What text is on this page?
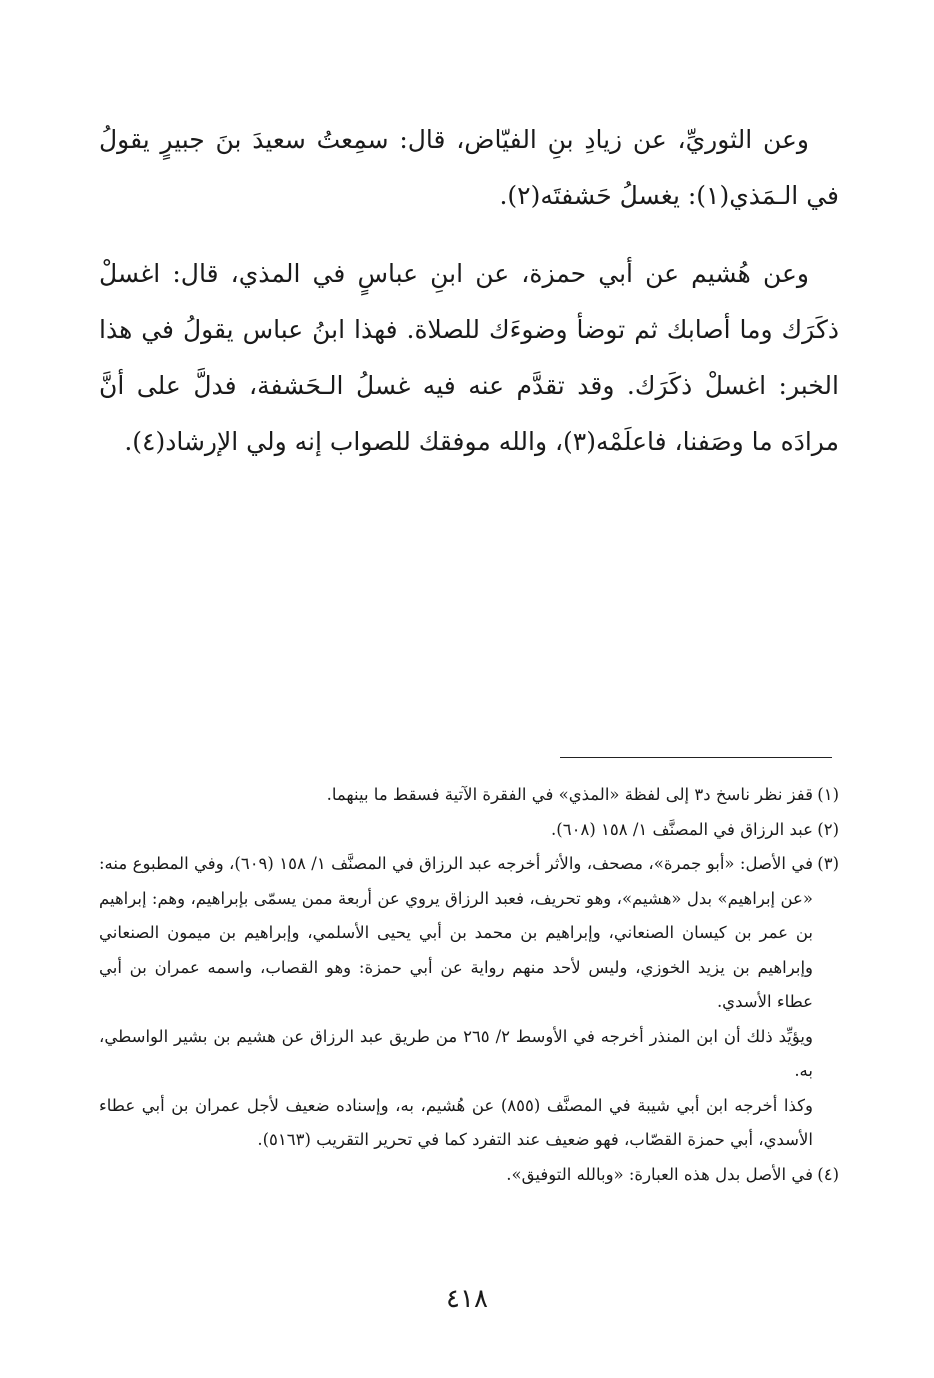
وعن الثوريِّ، عن زيادِ بنِ الفيّاض، قال: سمِعتُ سعيدَ بنَ جبيرٍ يقولُ في الـمَذي(١): يغسلُ حَشفتَه(٢).

وعن هُشيم عن أبي حمزة، عن ابنِ عباسٍ في المذي، قال: اغسلْ ذكَرَك وما أصابك ثم توضأ وضوءَك للصلاة. فهذا ابنُ عباس يقولُ في هذا الخبر: اغسلْ ذكَرَك. وقد تقدَّم عنه فيه غسلُ الـحَشفة، فدلَّ على أنَّ مرادَه ما وصَفنا، فاعلَمْه(٣)، والله موفقك للصواب إنه ولي الإرشاد(٤).

(١)
قفز نظر ناسخ د٣ إلى لفظة «المذي» في الفقرة الآتية فسقط ما بينهما.
(٢)
عبد الرزاق في المصنَّف ١/ ١٥٨ (٦٠٨).
(٣)
في الأصل: «أبو جمرة»، مصحف، والأثر أخرجه عبد الرزاق في المصنَّف ١/ ١٥٨ (٦٠٩)، وفي المطبوع منه: «عن إبراهيم» بدل «هشيم»، وهو تحريف، فعبد الرزاق يروي عن أربعة ممن يسمّى بإبراهيم، وهم: إبراهيم بن عمر بن كيسان الصنعاني، وإبراهيم بن محمد بن أبي يحيى الأسلمي، وإبراهيم بن ميمون الصنعاني وإبراهيم بن يزيد الخوزي، وليس لأحد منهم رواية عن أبي حمزة: وهو القصاب، واسمه عمران بن أبي عطاء الأسدي.
ويؤيِّد ذلك أن ابن المنذر أخرجه في الأوسط ٢/ ٢٦٥ من طريق عبد الرزاق عن هشيم بن بشير الواسطي، به.
وكذا أخرجه ابن أبي شيبة في المصنَّف (٨٥٥) عن هُشيم، به، وإسناده ضعيف لأجل عمران بن أبي عطاء الأسدي، أبي حمزة القصّاب، فهو ضعيف عند التفرد كما في تحرير التقريب (٥١٦٣).
(٤)
في الأصل بدل هذه العبارة: «وبالله التوفيق».
٤١٨
